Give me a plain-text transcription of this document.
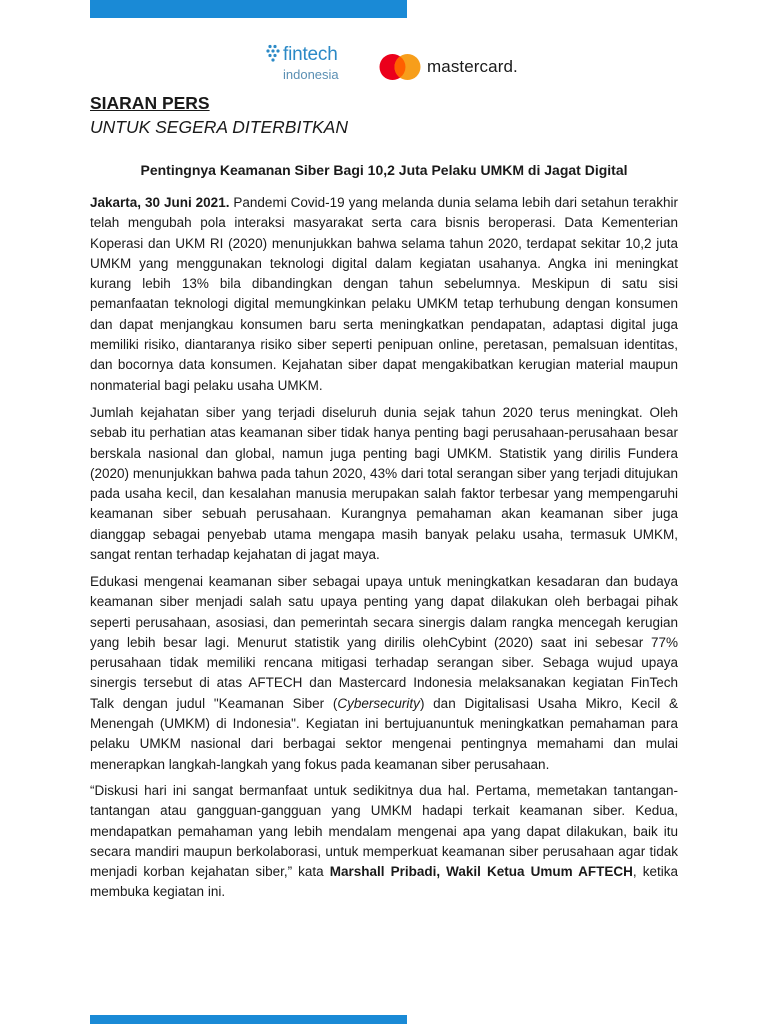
fintech
indonesia	mastercard.
SIARAN PERS
UNTUK SEGERA DITERBITKAN
Pentingnya Keamanan Siber Bagi 10,2 Juta Pelaku UMKM di Jagat Digital
Jakarta, 30 Juni 2021. Pandemi Covid-19 yang melanda dunia selama lebih dari setahun terakhir
telah mengubah pola interaksi masyarakat serta cara bisnis beroperasi. Data Kementerian
Koperasi dan UKM RI (2020) menunjukkan bahwa selama tahun 2020, terdapat sekitar 10,2 juta
UMKM yang menggunakan teknologi digital dalam kegiatan usahanya. Angka ini meningkat
kurang lebih 13% bila dibandingkan dengan tahun sebelumnya. Meskipun di satu sisi
pemanfaatan teknologi digital memungkinkan pelaku UMKM tetap terhubung dengan konsumen
dan dapat menjangkau konsumen baru serta meningkatkan pendapatan, adaptasi digital juga
memiliki risiko, diantaranya risiko siber seperti penipuan online, peretasan, pemalsuan identitas,
dan bocornya data konsumen. Kejahatan siber dapat mengakibatkan kerugian material maupun
nonmaterial bagi pelaku usaha UMKM.
Jumlah kejahatan siber yang terjadi diseluruh dunia sejak tahun 2020 terus meningkat. Oleh
sebab itu perhatian atas keamanan siber tidak hanya penting bagi perusahaan-perusahaan besar
berskala nasional dan global, namun juga penting bagi UMKM. Statistik yang dirilis Fundera
(2020) menunjukkan bahwa pada tahun 2020, 43% dari total serangan siber yang terjadi ditujukan
pada usaha kecil, dan kesalahan manusia merupakan salah faktor terbesar yang mempengaruhi
keamanan siber sebuah perusahaan. Kurangnya pemahaman akan keamanan siber juga
dianggap sebagai penyebab utama mengapa masih banyak pelaku usaha, termasuk UMKM,
sangat rentan terhadap kejahatan di jagat maya.
Edukasi mengenai keamanan siber sebagai upaya untuk meningkatkan kesadaran dan budaya
keamanan siber menjadi salah satu upaya penting yang dapat dilakukan oleh berbagai pihak
seperti perusahaan, asosiasi, dan pemerintah secara sinergis dalam rangka mencegah kerugian
yang lebih besar lagi. Menurut statistik yang dirilis olehCybint (2020) saat ini sebesar 77%
perusahaan tidak memiliki rencana mitigasi terhadap serangan siber. Sebaga wujud upaya
sinergis tersebut di atas AFTECH dan Mastercard Indonesia melaksanakan kegiatan FinTech
Talk dengan judul "Keamanan Siber (Cybersecurity) dan Digitalisasi Usaha Mikro, Kecil &
Menengah (UMKM) di Indonesia". Kegiatan ini bertujuanuntuk meningkatkan pemahaman para
pelaku UMKM nasional dari berbagai sektor mengenai pentingnya memahami dan mulai
menerapkan langkah-langkah yang fokus pada keamanan siber perusahaan.
“Diskusi hari ini sangat bermanfaat untuk sedikitnya dua hal. Pertama, memetakan tantangan-
tantangan atau gangguan-gangguan yang UMKM hadapi terkait keamanan siber. Kedua,
mendapatkan pemahaman yang lebih mendalam mengenai apa yang dapat dilakukan, baik itu
secara mandiri maupun berkolaborasi, untuk memperkuat keamanan siber perusahaan agar tidak
menjadi korban kejahatan siber,” kata Marshall Pribadi, Wakil Ketua Umum AFTECH, ketika
membuka kegiatan ini.
